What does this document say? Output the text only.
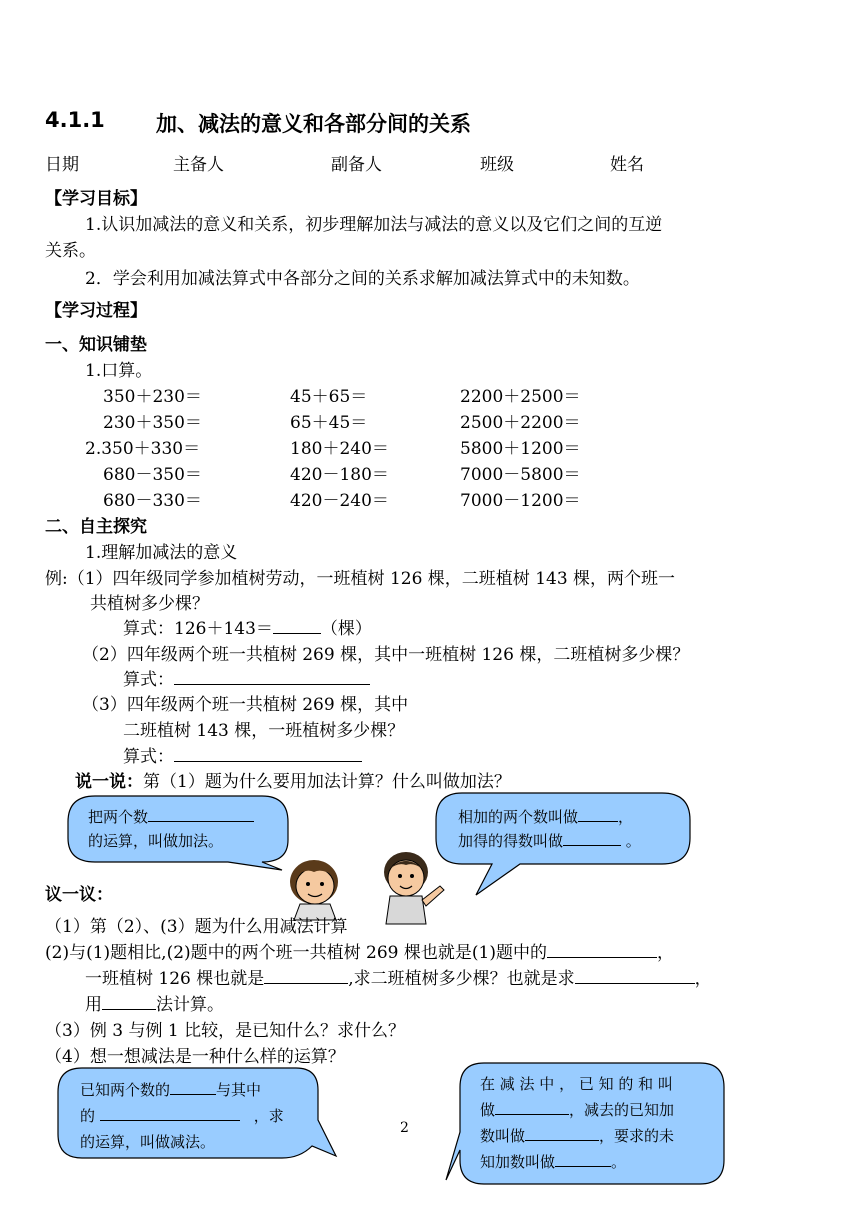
4.1.1 加、减法的意义和各部分间的关系
日期	主备人	副备人	班级	姓名
【学习目标】
1.认识加减法的意义和关系，初步理解加法与减法的意义以及它们之间的互逆
关系。
2．学会利用加减法算式中各部分之间的关系求解加减法算式中的未知数。
【学习过程】
一、知识铺垫
1.口算。
350＋230＝	45＋65＝	2200＋2500＝
230＋350＝	65＋45＝	2500＋2200＝
2.350＋330＝	180＋240＝	5800＋1200＝
680－350＝	420－180＝	7000－5800＝
680－330＝	420－240＝	7000－1200＝
二、自主探究
1.理解加减法的意义
例:（1）四年级同学参加植树劳动，一班植树 126 棵，二班植树 143 棵，两个班一
共植树多少棵？
算式：126＋143＝	（棵）
（2）四年级两个班一共植树 269 棵，其中一班植树 126 棵，二班植树多少棵？
算式：
（3）四年级两个班一共植树 269 棵，其中
二班植树 143 棵，一班植树多少棵？
算式：
说一说：第（1）题为什么要用加法计算？什么叫做加法？
把两个数
的运算，叫做加法。
相加的两个数叫做	，
加得的得数叫做	。
议一议：
（1）第（2）、(3）题为什么用减法计算
(2)与(1)题相比,(2)题中的两个班一共植树 269 棵也就是(1)题中的	，
一班植树 126 棵也就是	,求二班植树多少棵？也就是求	，
用	法计算。
（3）例 3 与例 1 比较，是已知什么？求什么？
（4）想一想减法是一种什么样的运算？
已知两个数的	与其中
的	，求
的运算，叫做减法。
在 减 法 中 ， 已 知 的 和 叫
做	，减去的已知加
数叫做	，要求的未
知加数叫做	。
2
